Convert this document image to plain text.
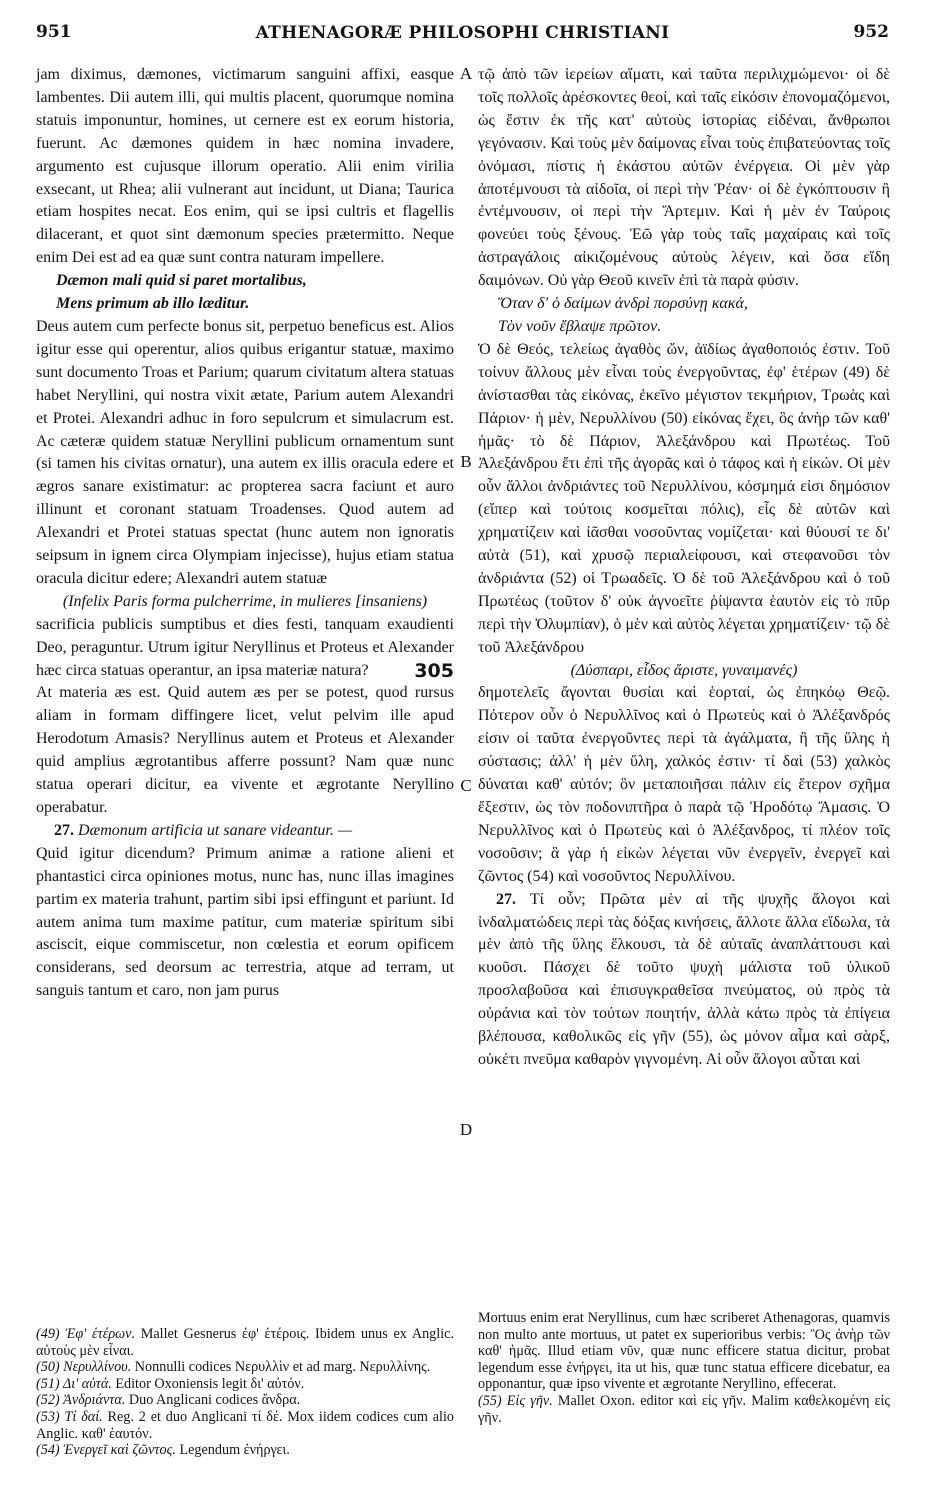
951	ATHENAGORÆ PHILOSOPHI CHRISTIANI	952

jam diximus, dæmones, victimarum sanguini affixi, easque lambentes. Dii autem illi, qui multis placent, quorumque nomina statuis imponuntur, homines, ut cernere est ex eorum historia, fuerunt. Ac dæmones quidem in hæc nomina invadere, argumento est cujusque illorum operatio. Alii enim virilia exsecant, ut Rhea; alii vulnerant aut incidunt, ut Diana; Taurica etiam hospites necat. Eos enim, qui se ipsi cultris et flagellis dilacerant, et quot sint dæmonum species prætermitto. Neque enim Dei est ad ea quæ sunt contra naturam impellere.

Dæmon mali quid si paret mortalibus,

Mens primum ab illo læditur.

Deus autem cum perfecte bonus sit, perpetuo beneficus est. Alios igitur esse qui operentur, alios quibus erigantur statuæ, maximo sunt documento Troas et Parium; quarum civitatum altera statuas habet Neryllini, qui nostra vixit ætate, Parium autem Alexandri et Protei. Alexandri adhuc in foro sepulcrum et simulacrum est. Ac cæteræ quidem statuæ Neryllini publicum ornamentum sunt (si tamen his civitas ornatur), una autem ex illis oracula edere et ægros sanare existimatur: ac propterea sacra faciunt et auro illinunt et coronant statuam Troadenses. Quod autem ad Alexandri et Protei statuas spectat (hunc autem non ignoratis seipsum in ignem circa Olympiam injecisse), hujus etiam statua oracula dicitur edere; Alexandri autem statuæ

(Infelix Paris forma pulcherrime, in mulieres [insaniens)

sacrificia publicis sumptibus et dies festi, tanquam exaudienti Deo, peraguntur. Utrum igitur Neryllinus et Proteus et Alexander hæc circa statuas operantur, an ipsa materiæ natura? 305

At materia æs est. Quid autem æs per se potest, quod rursus aliam in formam diffingere licet, velut pelvim ille apud Herodotum Amasis? Neryllinus autem et Proteus et Alexander quid amplius ægrotantibus afferre possunt? Nam quæ nunc statua operari dicitur, ea vivente et ægrotante Neryllino operabatur.

27. Dæmonum artificia ut sanare videantur. —

Quid igitur dicendum? Primum animæ a ratione alieni et phantastici circa opiniones motus, nunc has, nunc illas imagines partim ex materia trahunt, partim sibi ipsi effingunt et pariunt. Id autem anima tum maxime patitur, cum materiæ spiritum sibi asciscit, eique commiscetur, non cœlestia et eorum opificem considerans, sed deorsum ac terrestria, atque ad terram, ut sanguis tantum et caro, non jam purus

A
B
C
D

τῷ ἀπὸ τῶν ἱερείων αἵματι, καὶ ταῦτα περιλιχμώμενοι· οἱ δὲ τοῖς πολλοῖς ἀρέσκοντες θεοί, καὶ ταῖς εἰκόσιν ἐπονομαζόμενοι, ὡς ἔστιν ἐκ τῆς κατ' αὐτοὺς ἱστορίας εἰδέναι, ἄνθρωποι γεγόνασιν. Καὶ τοὺς μὲν δαίμονας εἶναι τοὺς ἐπιβατεύοντας τοῖς ὀνόμασι, πίστις ἡ ἑκάστου αὐτῶν ἐνέργεια. Οἱ μὲν γὰρ ἀποτέμνουσι τὰ αἰδοῖα, οἱ περὶ τὴν Ῥέαν· οἱ δὲ ἐγκόπτουσιν ἢ ἐντέμνουσιν, οἱ περὶ τὴν Ἄρτεμιν. Καὶ ἡ μὲν ἐν Ταύροις φονεύει τοὺς ξένους. Ἐῶ γὰρ τοὺς ταῖς μαχαίραις καὶ τοῖς ἀστραγάλοις αἰκιζομένους αὐτοὺς λέγειν, καὶ ὅσα εἴδη δαιμόνων. Οὐ γὰρ Θεοῦ κινεῖν ἐπὶ τὰ παρὰ φύσιν.

Ὅταν δ' ὁ δαίμων ἀνδρὶ πορσύνῃ κακά,

Τὸν νοῦν ἔβλαψε πρῶτον.

Ὁ δὲ Θεός, τελείως ἀγαθὸς ὤν, ἀϊδίως ἀγαθοποιός ἐστιν. Τοῦ τοίνυν ἄλλους μὲν εἶναι τοὺς ἐνεργοῦντας, ἐφ' ἑτέρων (49) δὲ ἀνίστασθαι τὰς εἰκόνας, ἐκεῖνο μέγιστον τεκμήριον, Τρωὰς καὶ Πάριον· ἡ μὲν, Νερυλλίνου (50) εἰκόνας ἔχει, ὃς ἀνὴρ τῶν καθ' ἡμᾶς· τὸ δὲ Πάριον, Ἀλεξάνδρου καὶ Πρωτέως. Τοῦ Ἀλεξάνδρου ἔτι ἐπὶ τῆς ἀγορᾶς καὶ ὁ τάφος καὶ ἡ εἰκών. Οἱ μὲν οὖν ἄλλοι ἀνδριάντες τοῦ Νερυλλίνου, κόσμημά εἰσι δημόσιον (εἴπερ καὶ τούτοις κοσμεῖται πόλις), εἷς δὲ αὐτῶν καὶ χρηματίζειν καὶ ἰᾶσθαι νοσοῦντας νομίζεται· καὶ θύουσί τε δι' αὐτὰ (51), καὶ χρυσῷ περιαλείφουσι, καὶ στεφανοῦσι τὸν ἀνδριάντα (52) οἱ Τρωαδεῖς. Ὁ δὲ τοῦ Ἀλεξάνδρου καὶ ὁ τοῦ Πρωτέως (τοῦτον δ' οὐκ ἀγνοεῖτε ῥίψαντα ἑαυτὸν εἰς τὸ πῦρ περὶ τὴν Ὀλυμπίαν), ὁ μὲν καὶ αὐτὸς λέγεται χρηματίζειν· τῷ δὲ τοῦ Ἀλεξάνδρου

(Δύσπαρι, εἶδος ἄριστε, γυναιμανές)

δημοτελεῖς ἄγονται θυσίαι καὶ ἑορταί, ὡς ἐπηκόῳ Θεῷ. Πότερον οὖν ὁ Νερυλλῖνος καὶ ὁ Πρωτεὺς καὶ ὁ Ἀλέξανδρός εἰσιν οἱ ταῦτα ἐνεργοῦντες περὶ τὰ ἀγάλματα, ἢ τῆς ὕλης ἡ σύστασις; ἀλλ' ἡ μὲν ὕλη, χαλκός ἐστιν· τί δαὶ (53) χαλκὸς δύναται καθ' αὑτόν; ὃν μεταποιῆσαι πάλιν εἰς ἕτερον σχῆμα ἔξεστιν, ὡς τὸν ποδονιπτῆρα ὁ παρὰ τῷ Ἡροδότῳ Ἄμασις. Ὁ Νερυλλῖνος καὶ ὁ Πρωτεὺς καὶ ὁ Ἀλέξανδρος, τί πλέον τοῖς νοσοῦσιν; ἃ γὰρ ἡ εἰκὼν λέγεται νῦν ἐνεργεῖν, ἐνεργεῖ καὶ ζῶντος (54) καὶ νοσοῦντος Νερυλλίνου.

27. Τί οὖν; Πρῶτα μὲν αἱ τῆς ψυχῆς ἄλογοι καὶ ἰνδαλματώδεις περὶ τὰς δόξας κινήσεις, ἄλλοτε ἄλλα εἴδωλα, τὰ μὲν ἀπὸ τῆς ὕλης ἕλκουσι, τὰ δὲ αὐταῖς ἀναπλάττουσι καὶ κυοῦσι. Πάσχει δὲ τοῦτο ψυχὴ μάλιστα τοῦ ὑλικοῦ προσλαβοῦσα καὶ ἐπισυγκραθεῖσα πνεύματος, οὐ πρὸς τὰ οὐράνια καὶ τὸν τούτων ποιητήν, ἀλλὰ κάτω πρὸς τὰ ἐπίγεια βλέπουσα, καθολικῶς εἰς γῆν (55), ὡς μόνον αἷμα καὶ σὰρξ, οὐκέτι πνεῦμα καθαρὸν γιγνομένη. Αἱ οὖν ἄλογοι αὗται καὶ

(49) Ἐφ' ἑτέρων. Mallet Gesnerus ἐφ' ἑτέροις. Ibidem unus ex Anglic. αὐτοὺς μὲν εἶναι.

(50) Νερυλλίνου. Nonnulli codices Νερυλλὶν et ad marg. Νερυλλίνης.

(51) Δι' αὐτά. Editor Oxoniensis legit δι' αὐτόν.

(52) Ἀνδριάντα. Duo Anglicani codices ἄνδρα.

(53) Τί δαί. Reg. 2 et duo Anglicani τί δέ. Mox iidem codices cum alio Anglic. καθ' ἑαυτόν.

(54) Ἐνεργεῖ καὶ ζῶντος. Legendum ἐνήργει.

Mortuus enim erat Neryllinus, cum hæc scriberet Athenagoras, quamvis non multo ante mortuus, ut patet ex superioribus verbis: Ὃς ἀνὴρ τῶν καθ' ἡμᾶς. Illud etiam νῦν, quæ nunc efficere statua dicitur, probat legendum esse ἐνήργει, ita ut his, quæ tunc statua efficere dicebatur, ea opponantur, quæ ipso vivente et ægrotante Neryllino, effecerat.

(55) Εἰς γῆν. Mallet Oxon. editor καὶ εἰς γῆν. Malim καθελκομένη εἰς γῆν.
